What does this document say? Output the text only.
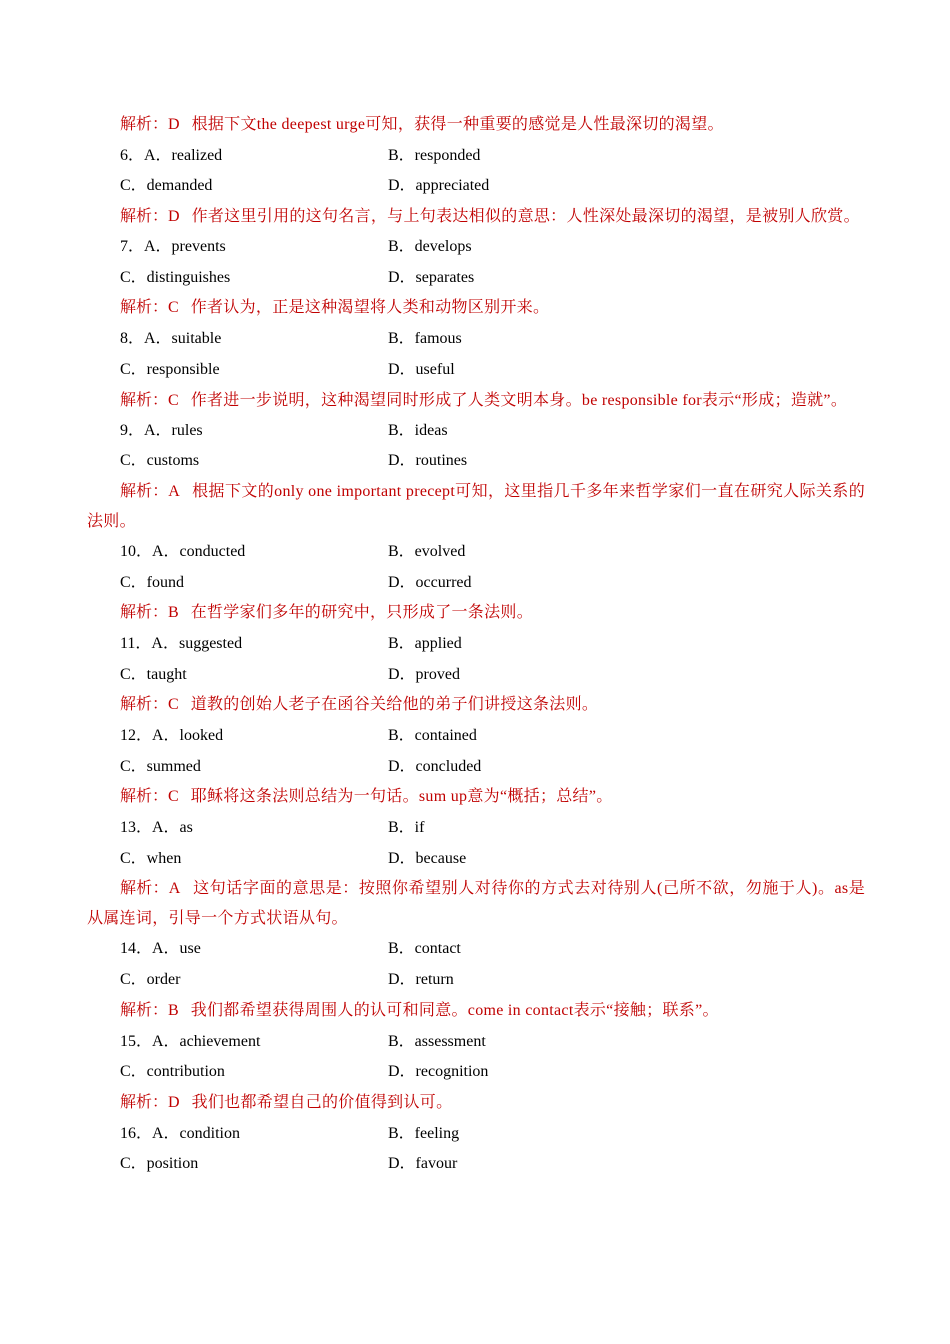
解析：D 根据下文the deepest urge可知，获得一种重要的感觉是人性最深切的渴望。

6．A．realized	B．responded
C．demanded	D．appreciated

解析：D 作者这里引用的这句名言，与上句表达相似的意思：人性深处最深切的渴望，是被别人欣赏。

7．A．prevents	B．develops
C．distinguishes	D．separates

解析：C 作者认为，正是这种渴望将人类和动物区别开来。

8．A．suitable	B．famous
C．responsible	D．useful

解析：C 作者进一步说明，这种渴望同时形成了人类文明本身。be responsible for表示“形成；造就”。

9．A．rules	B．ideas
C．customs	D．routines

解析：A 根据下文的only one important precept可知，这里指几千多年来哲学家们一直在研究人际关系的法则。

10．A．conducted	B．evolved
C．found	D．occurred

解析：B 在哲学家们多年的研究中，只形成了一条法则。

11．A．suggested	B．applied
C．taught	D．proved

解析：C 道教的创始人老子在函谷关给他的弟子们讲授这条法则。

12．A．looked	B．contained
C．summed	D．concluded

解析：C 耶稣将这条法则总结为一句话。sum up意为“概括；总结”。

13．A．as	B．if
C．when	D．because

解析：A 这句话字面的意思是：按照你希望别人对待你的方式去对待别人(己所不欲，勿施于人)。as是从属连词，引导一个方式状语从句。

14．A．use	B．contact
C．order	D．return

解析：B 我们都希望获得周围人的认可和同意。come in contact表示“接触；联系”。

15．A．achievement	B．assessment
C．contribution	D．recognition

解析：D 我们也都希望自己的价值得到认可。

16．A．condition	B．feeling
C．position	D．favour
